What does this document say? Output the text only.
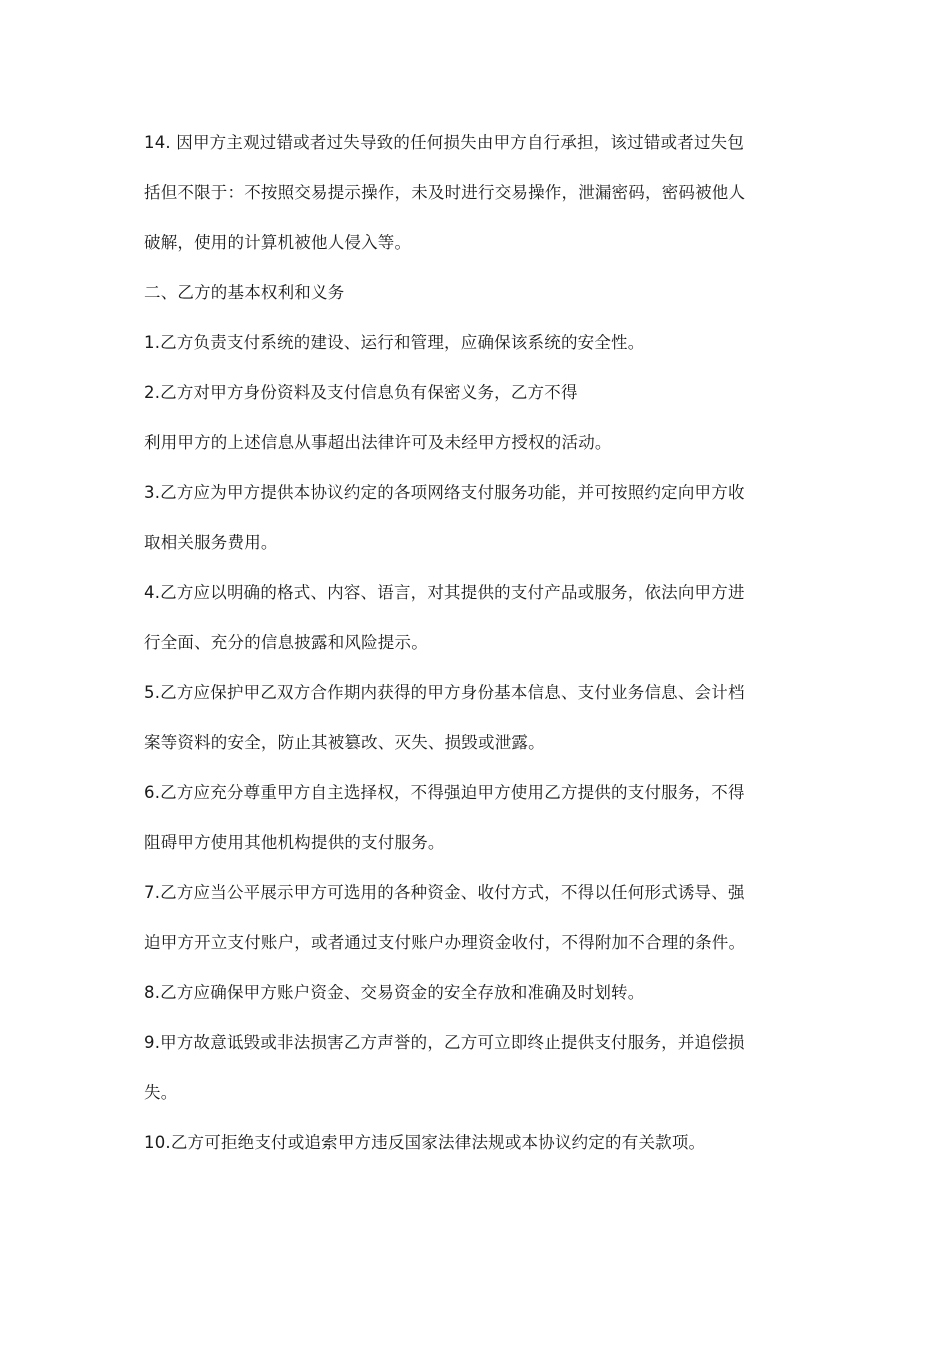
14. 因甲方主观过错或者过失导致的任何损失由甲方自行承担，该过错或者过失包
括但不限于：不按照交易提示操作，未及时进行交易操作，泄漏密码，密码被他人
破解，使用的计算机被他人侵入等。
二、乙方的基本权利和义务
1.乙方负责支付系统的建设、运行和管理，应确保该系统的安全性。
2.乙方对甲方身份资料及支付信息负有保密义务，乙方不得
利用甲方的上述信息从事超出法律许可及未经甲方授权的活动。
3.乙方应为甲方提供本协议约定的各项网络支付服务功能，并可按照约定向甲方收
取相关服务费用。
4.乙方应以明确的格式、内容、语言，对其提供的支付产品或服务，依法向甲方进
行全面、充分的信息披露和风险提示。
5.乙方应保护甲乙双方合作期内获得的甲方身份基本信息、支付业务信息、会计档
案等资料的安全，防止其被篡改、灭失、损毁或泄露。
6.乙方应充分尊重甲方自主选择权，不得强迫甲方使用乙方提供的支付服务，不得
阻碍甲方使用其他机构提供的支付服务。
7.乙方应当公平展示甲方可选用的各种资金、收付方式，不得以任何形式诱导、强
迫甲方开立支付账户，或者通过支付账户办理资金收付，不得附加不合理的条件。
8.乙方应确保甲方账户资金、交易资金的安全存放和准确及时划转。
9.甲方故意诋毁或非法损害乙方声誉的，乙方可立即终止提供支付服务，并追偿损
失。
10.乙方可拒绝支付或追索甲方违反国家法律法规或本协议约定的有关款项。
